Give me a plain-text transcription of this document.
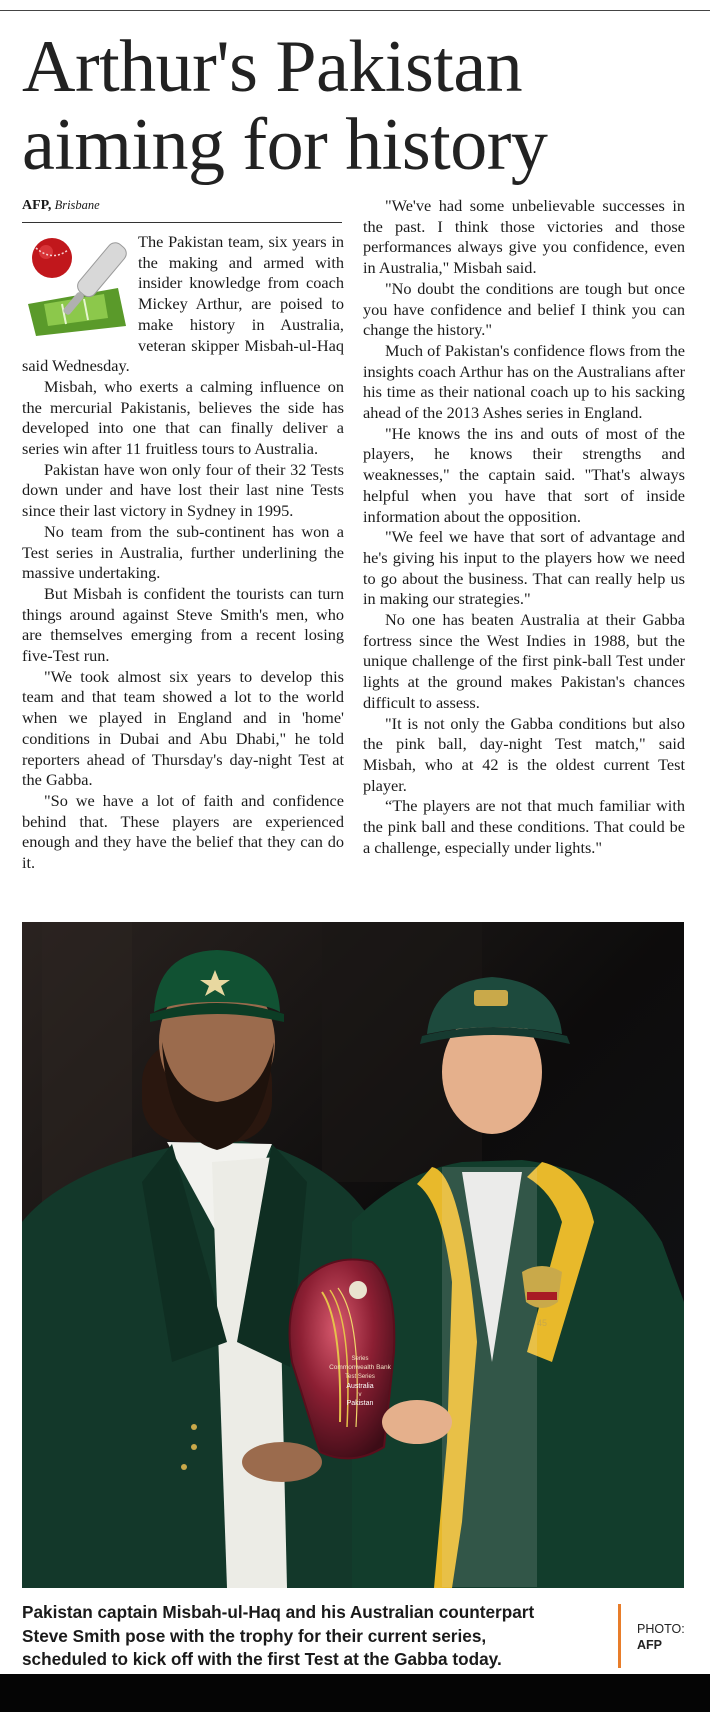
Arthur's Pakistan aiming for history
AFP, Brisbane

The Pakistan team, six years in the making and armed with insider knowledge from coach Mickey Arthur, are poised to make history in Australia, veteran skipper Misbah-ul-Haq said Wednesday.

Misbah, who exerts a calming influence on the mercurial Pakistanis, believes the side has developed into one that can finally deliver a series win after 11 fruitless tours to Australia.

Pakistan have won only four of their 32 Tests down under and have lost their last nine Tests since their last victory in Sydney in 1995.

No team from the sub-continent has won a Test series in Australia, further underlining the massive undertaking.

But Misbah is confident the tourists can turn things around against Steve Smith's men, who are themselves emerging from a recent losing five-Test run.

"We took almost six years to develop this team and that team showed a lot to the world when we played in England and in 'home' conditions in Dubai and Abu Dhabi," he told reporters ahead of Thursday's day-night Test at the Gabba.

"So we have a lot of faith and confidence behind that. These players are experienced enough and they have the belief that they can do it.

"We've had some unbelievable successes in the past. I think those victories and those performances always give you confidence, even in Australia," Misbah said.

"No doubt the conditions are tough but once you have confidence and belief I think you can change the history."

Much of Pakistan's confidence flows from the insights coach Arthur has on the Australians after his time as their national coach up to his sacking ahead of the 2013 Ashes series in England.

"He knows the ins and outs of most of the players, he knows their strengths and weaknesses," the captain said. "That's always helpful when you have that sort of inside information about the opposition.

"We feel we have that sort of advantage and he's giving his input to the players how we need to go about the business. That can really help us in making our strategies."

No one has beaten Australia at their Gabba fortress since the West Indies in 1988, but the unique challenge of the first pink-ball Test under lights at the ground makes Pakistan's chances difficult to assess.

"It is not only the Gabba conditions but also the pink ball, day-night Test match," said Misbah, who at 42 is the oldest current Test player.

“The players are not that much familiar with the pink ball and these conditions. That could be a challenge, especially under lights."

45
Series
Commonwealth Bank
Test Series
Australia
v
Pakistan

Pakistan captain Misbah-ul-Haq and his Australian counterpart Steve Smith pose with the trophy for their current series, scheduled to kick off with the first Test at the Gabba today.

PHOTO:
AFP
